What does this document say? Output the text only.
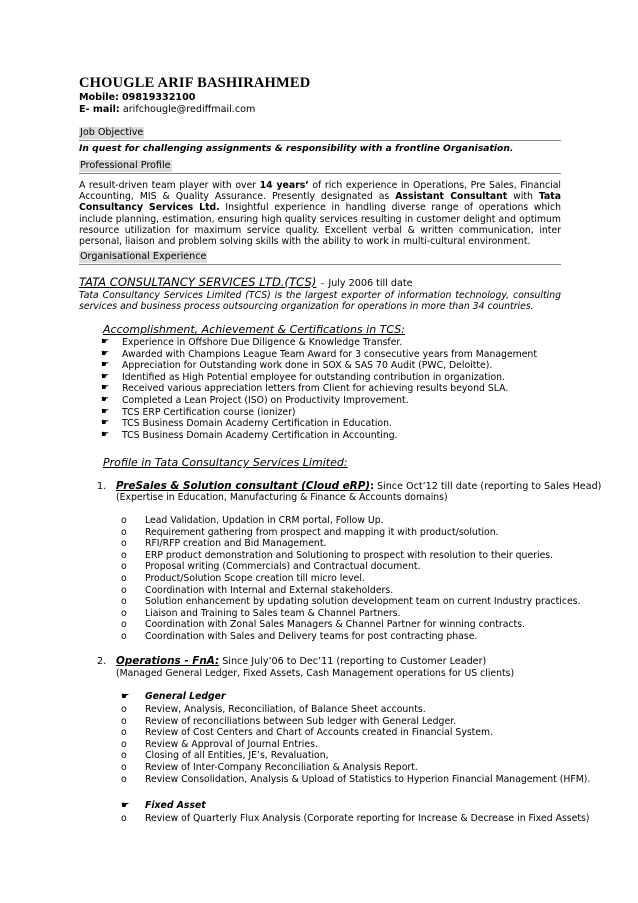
CHOUGLE ARIF BASHIRAHMED
Mobile: 09819332100
E- mail: arifchougle@rediffmail.com
Job Objective
In quest for challenging assignments & responsibility with a frontline Organisation.
Professional Profile
A result-driven team player with over 14 years’ of rich experience in Operations, Pre Sales, Financial Accounting, MIS & Quality Assurance. Presently designated as Assistant Consultant with Tata Consultancy Services Ltd. Insightful experience in handling diverse range of operations which include planning, estimation, ensuring high quality services resulting in customer delight and optimum resource utilization for maximum service quality. Excellent verbal & written communication, inter personal, liaison and problem solving skills with the ability to work in multi-cultural environment.
Organisational Experience
TATA CONSULTANCY SERVICES LTD.(TCS) – July 2006 till date
Tata Consultancy Services Limited (TCS) is the largest exporter of information technology, consulting services and business process outsourcing organization for operations in more than 34 countries.
Accomplishment, Achievement & Certifications in TCS:
☛	Experience in Offshore Due Diligence & Knowledge Transfer.
☛	Awarded with Champions League Team Award for 3 consecutive years from Management
☛	Appreciation for Outstanding work done in SOX & SAS 70 Audit (PWC, Deloitte).
☛	Identified as High Potential employee for outstanding contribution in organization.
☛	Received various appreciation letters from Client for achieving results beyond SLA.
☛	Completed a Lean Project (ISO) on Productivity Improvement.
☛	TCS ERP Certification course (ionizer)
☛	TCS Business Domain Academy Certification in Education.
☛	TCS Business Domain Academy Certification in Accounting.
Profile in Tata Consultancy Services Limited:
1. PreSales & Solution consultant (Cloud eRP): Since Oct’12 till date (reporting to Sales Head)
(Expertise in Education, Manufacturing & Finance & Accounts domains)
o	Lead Validation, Updation in CRM portal, Follow Up.
o	Requirement gathering from prospect and mapping it with product/solution.
o	RFI/RFP creation and Bid Management.
o	ERP product demonstration and Solutioning to prospect with resolution to their queries.
o	Proposal writing (Commercials) and Contractual document.
o	Product/Solution Scope creation till micro level.
o	Coordination with Internal and External stakeholders.
o	Solution enhancement by updating solution development team on current Industry practices.
o	Liaison and Training to Sales team & Channel Partners.
o	Coordination with Zonal Sales Managers & Channel Partner for winning contracts.
o	Coordination with Sales and Delivery teams for post contracting phase.
2. Operations - FnA: Since July’06 to Dec’11 (reporting to Customer Leader)
(Managed General Ledger, Fixed Assets, Cash Management operations for US clients)
☛ General Ledger
o	Review, Analysis, Reconciliation, of Balance Sheet accounts.
o	Review of reconciliations between Sub ledger with General Ledger.
o	Review of Cost Centers and Chart of Accounts created in Financial System.
o	Review & Approval of Journal Entries.
o	Closing of all Entities, JE’s, Revaluation,
o	Review of Inter-Company Reconciliation & Analysis Report.
o	Review Consolidation, Analysis & Upload of Statistics to Hyperion Financial Management (HFM).
☛ Fixed Asset
o	Review of Quarterly Flux Analysis (Corporate reporting for Increase & Decrease in Fixed Assets)
